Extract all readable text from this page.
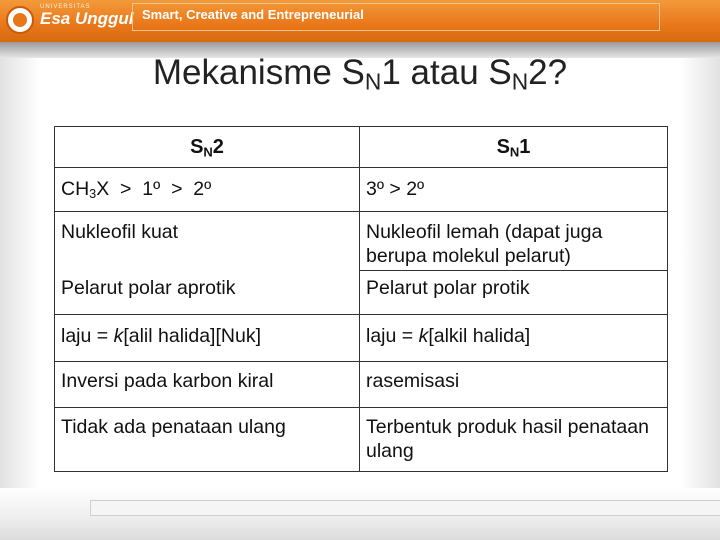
UNIVERSITAS
Esa Unggul Smart, Creative and Entrepreneurial
Mekanisme $S_N1$ atau $S_N2$?
$S_N2$	$S_N1$
$CH_3X$  >  1º  >  2º	3º > 2º
Nukleofil kuat	Nukleofil lemah (dapat juga berupa molekul pelarut)
Pelarut polar aprotik	Pelarut polar protik
laju = k[alil halida][Nuk]	laju = k[alkil halida]
Inversi pada karbon kiral	rasemisasi
Tidak ada penataan ulang	Terbentuk produk hasil penataan ulang
